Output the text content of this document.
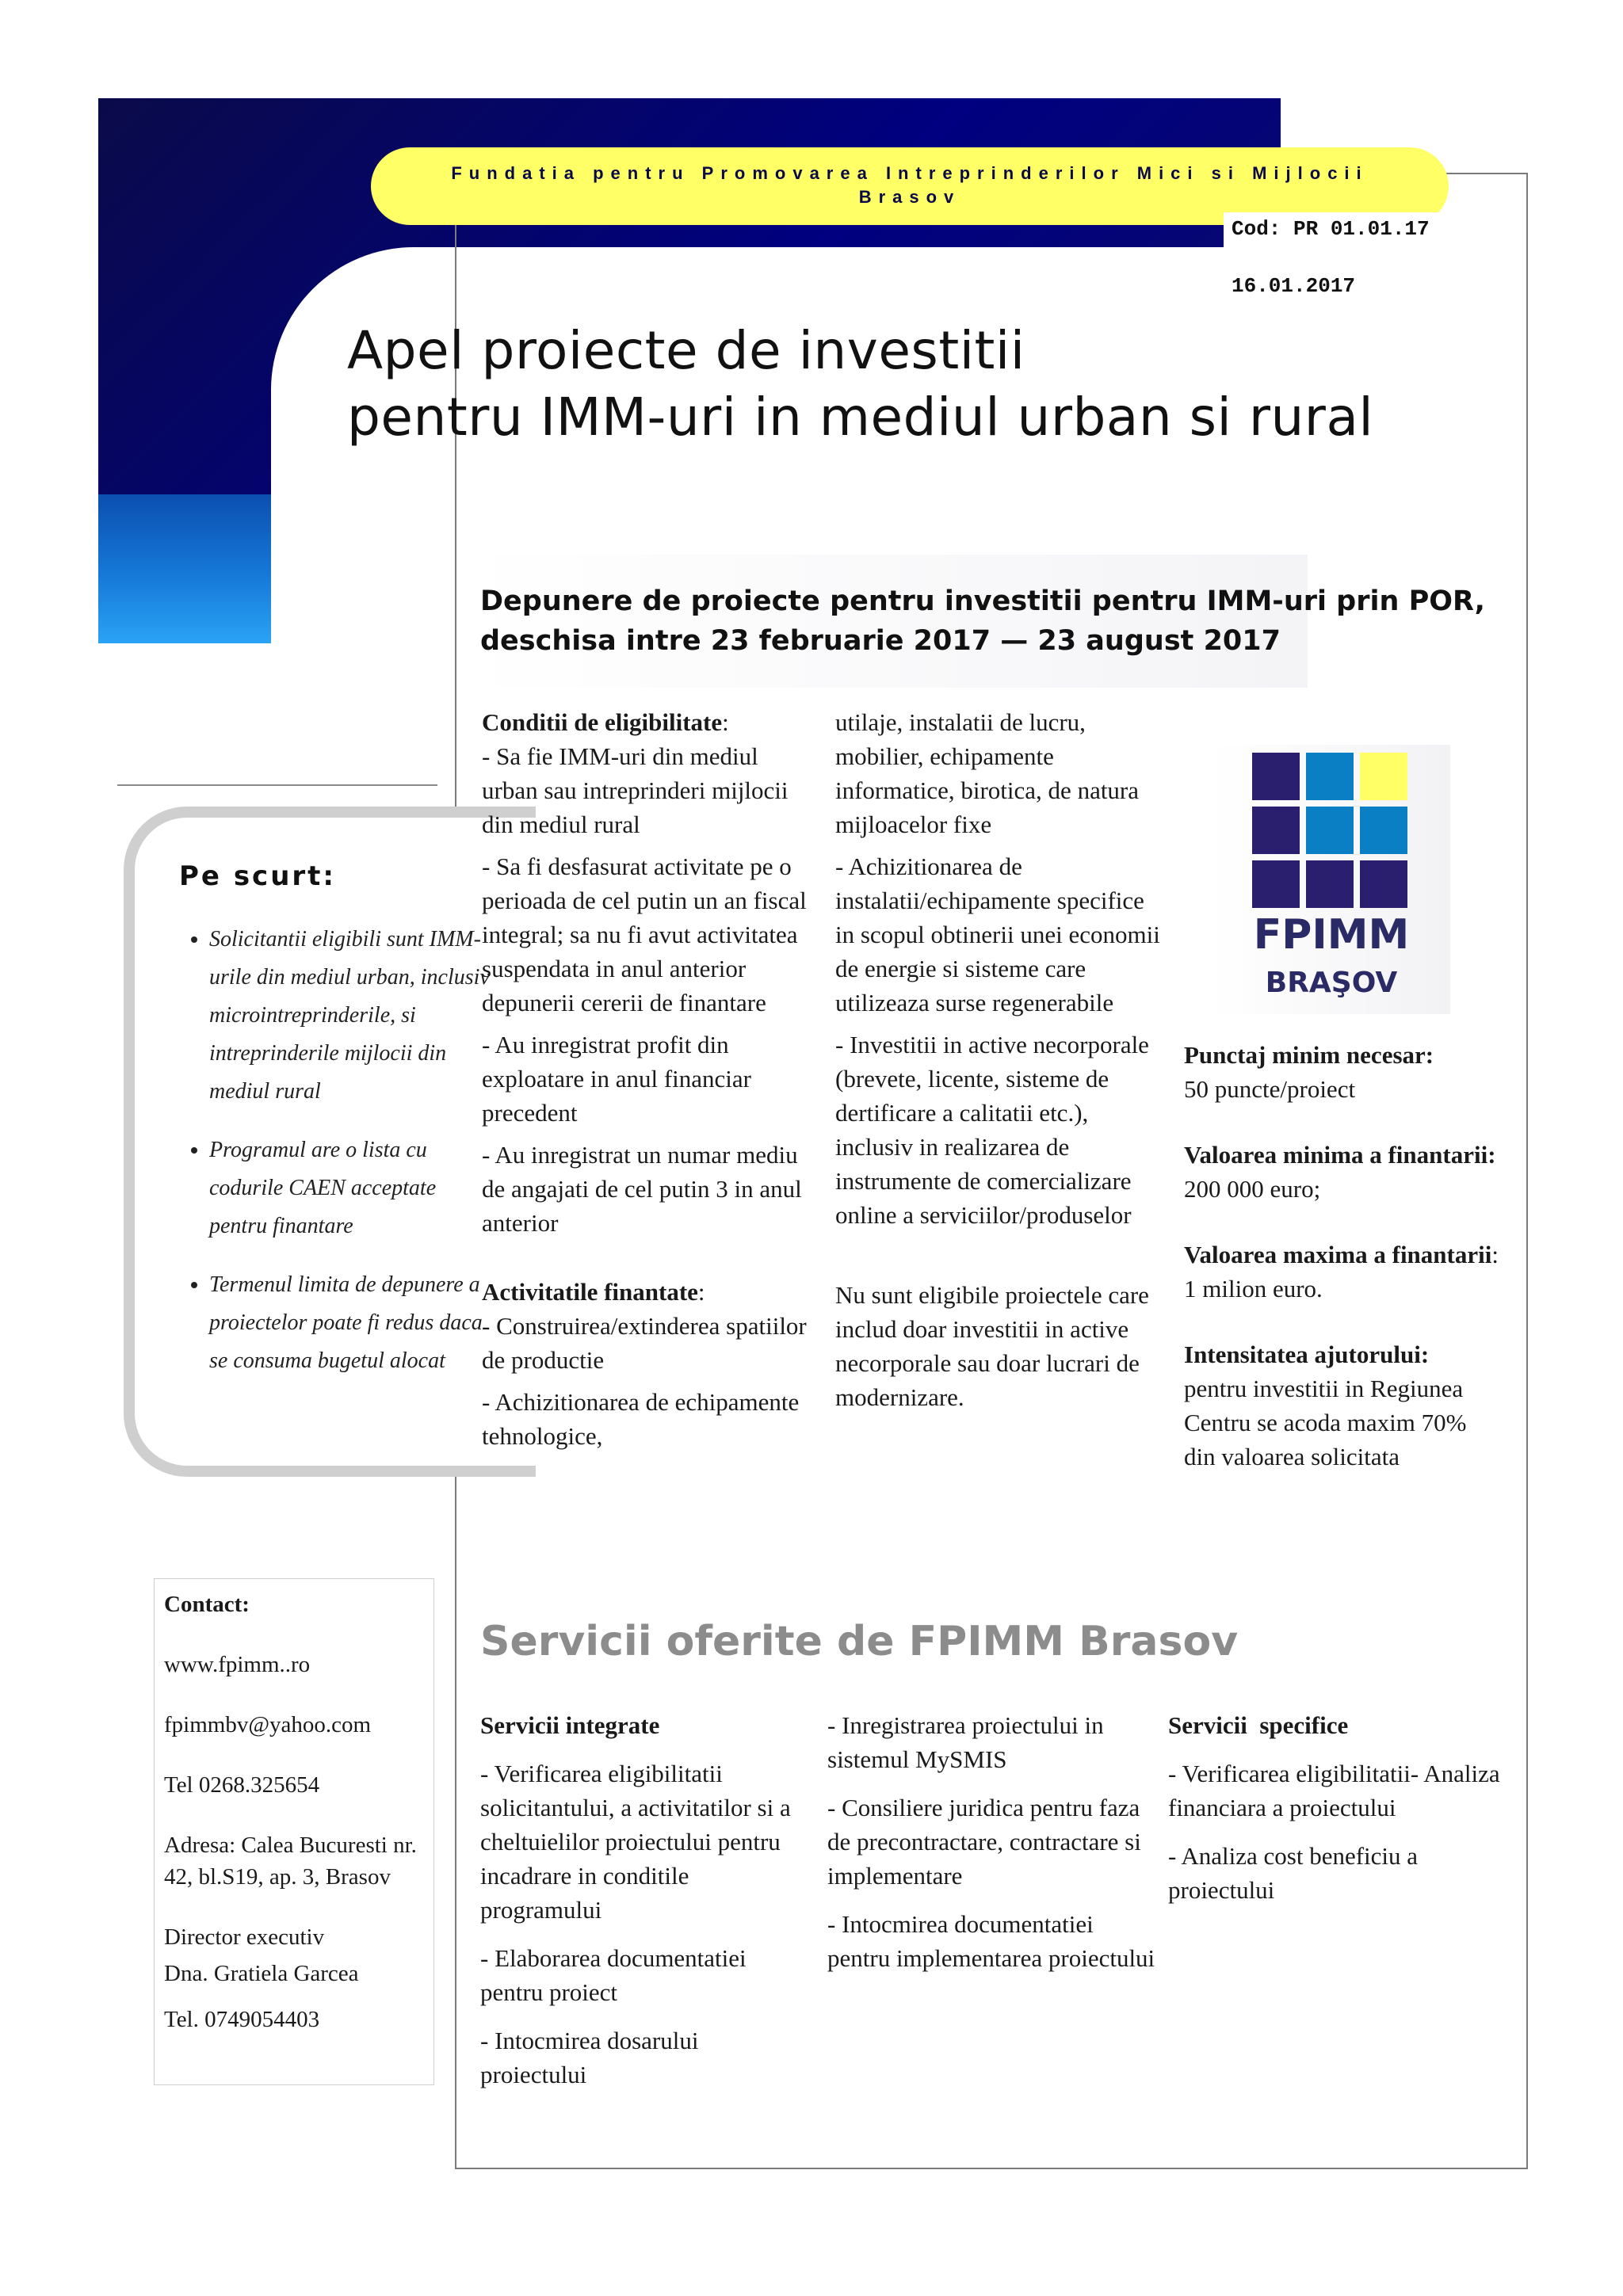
Fundatia pentru Promovarea Intreprinderilor Mici si Mijlocii Brasov
Cod: PR 01.01.17
16.01.2017
Apel proiecte de investitii
pentru IMM-uri in mediul urban si rural
Depunere de proiecte pentru investitii pentru IMM-uri prin POR,
deschisa intre 23 februarie 2017 — 23 august 2017
Pe scurt:
• Solicitantii eligibili sunt IMM-urile din mediul urban, inclusiv microintreprinderile, si intreprinderile mijlocii din mediul rural
• Programul are o lista cu codurile CAEN acceptate pentru finantare
• Termenul limita de depunere a proiectelor poate fi redus daca se consuma bugetul alocat
Contact:
www.fpimm..ro
fpimmbv@yahoo.com
Tel 0268.325654
Adresa: Calea Bucuresti nr. 42, bl.S19, ap. 3, Brasov
Director executiv
Dna. Gratiela Garcea
Tel. 0749054403

Conditii de eligibilitate:
- Sa fie IMM-uri din mediul urban sau intreprinderi mijlocii din mediul rural

- Sa fi desfasurat activitate pe o perioada de cel putin un an fiscal integral; sa nu fi avut activitatea suspendata in anul anterior depunerii cererii de finantare

- Au inregistrat profit din exploatare in anul financiar precedent

- Au inregistrat un numar mediu de angajati de cel putin 3 in anul anterior

Activitatile finantate:
- Construirea/extinderea spatiilor de productie

- Achizitionarea de echipamente tehnologice,

utilaje, instalatii de lucru, mobilier, echipamente informatice, birotica, de natura mijloacelor fixe

- Achizitionarea de instalatii/echipamente specifice in scopul obtinerii unei economii de energie si sisteme care utilizeaza surse regenerabile

- Investitii in active necorporale (brevete, licente, sisteme de dertificare a calitatii etc.), inclusiv in realizarea de instrumente de comercializare online a serviciilor/produselor

Nu sunt eligibile proiectele care includ doar investitii in active necorporale sau doar lucrari de modernizare.

FPIMM
BRAŞOV

Punctaj minim necesar:
50 puncte/proiect

Valoarea minima a finantarii: 200 000 euro;

Valoarea maxima a finantarii: 1 milion euro.

Intensitatea ajutorului:
pentru investitii in Regiunea Centru se acoda maxim 70% din valoarea solicitata

Servicii oferite de FPIMM Brasov

Servicii integrate

- Verificarea eligibilitatii solicitantului, a activitatilor si a cheltuielilor proiectului pentru incadrare in conditile programului

- Elaborarea documentatiei pentru proiect

- Intocmirea dosarului proiectului

- Inregistrarea proiectului in sistemul MySMIS

- Consiliere juridica pentru faza de precontractare, contractare si implementare

- Intocmirea documentatiei pentru implementarea proiectului

Servicii  specifice

- Verificarea eligibilitatii- Analiza financiara a proiectului

- Analiza cost beneficiu a proiectului
